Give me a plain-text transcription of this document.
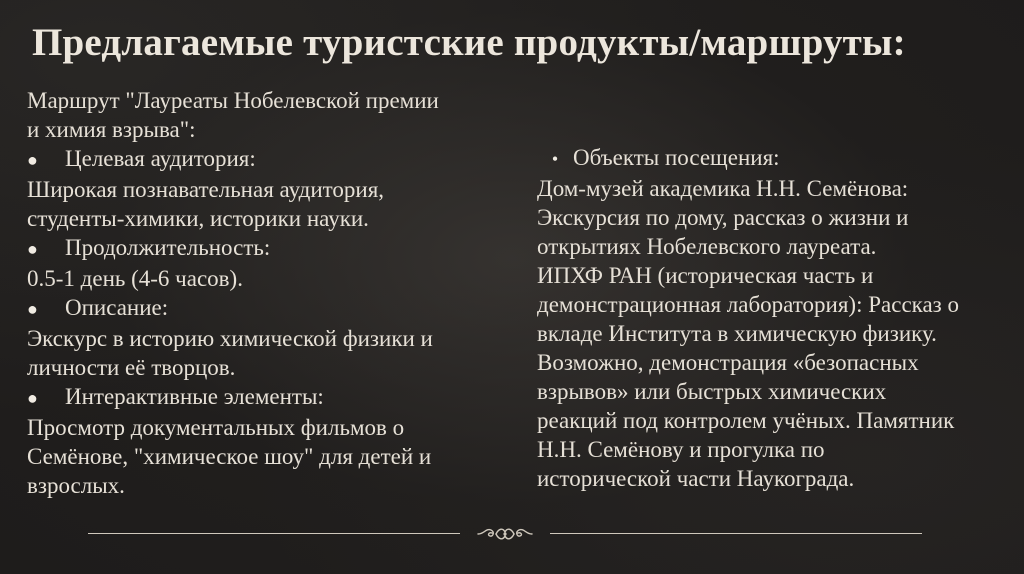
Предлагаемые туристские продукты/маршруты:

Маршрут "Лауреаты Нобелевской премии

и химия взрыва":

●	Целевая аудитория:

Широкая познавательная аудитория,

студенты-химики, историки науки.

●	Продолжительность:

0.5-1 день (4-6 часов).

●	Описание:

Экскурс в историю химической физики и

личности её творцов.

●	Интерактивные элементы:

Просмотр документальных фильмов о

Семёнове, "химическое шоу" для детей и

взрослых.

• Объекты посещения:

Дом-музей академика Н.Н. Семёнова:

Экскурсия по дому, рассказ о жизни и

открытиях Нобелевского лауреата.

ИПХФ РАН (историческая часть и

демонстрационная лаборатория): Рассказ о

вкладе Института в химическую физику.

Возможно, демонстрация «безопасных

взрывов» или быстрых химических

реакций под контролем учёных. Памятник

Н.Н. Семёнову и прогулка по

исторической части Наукограда.
